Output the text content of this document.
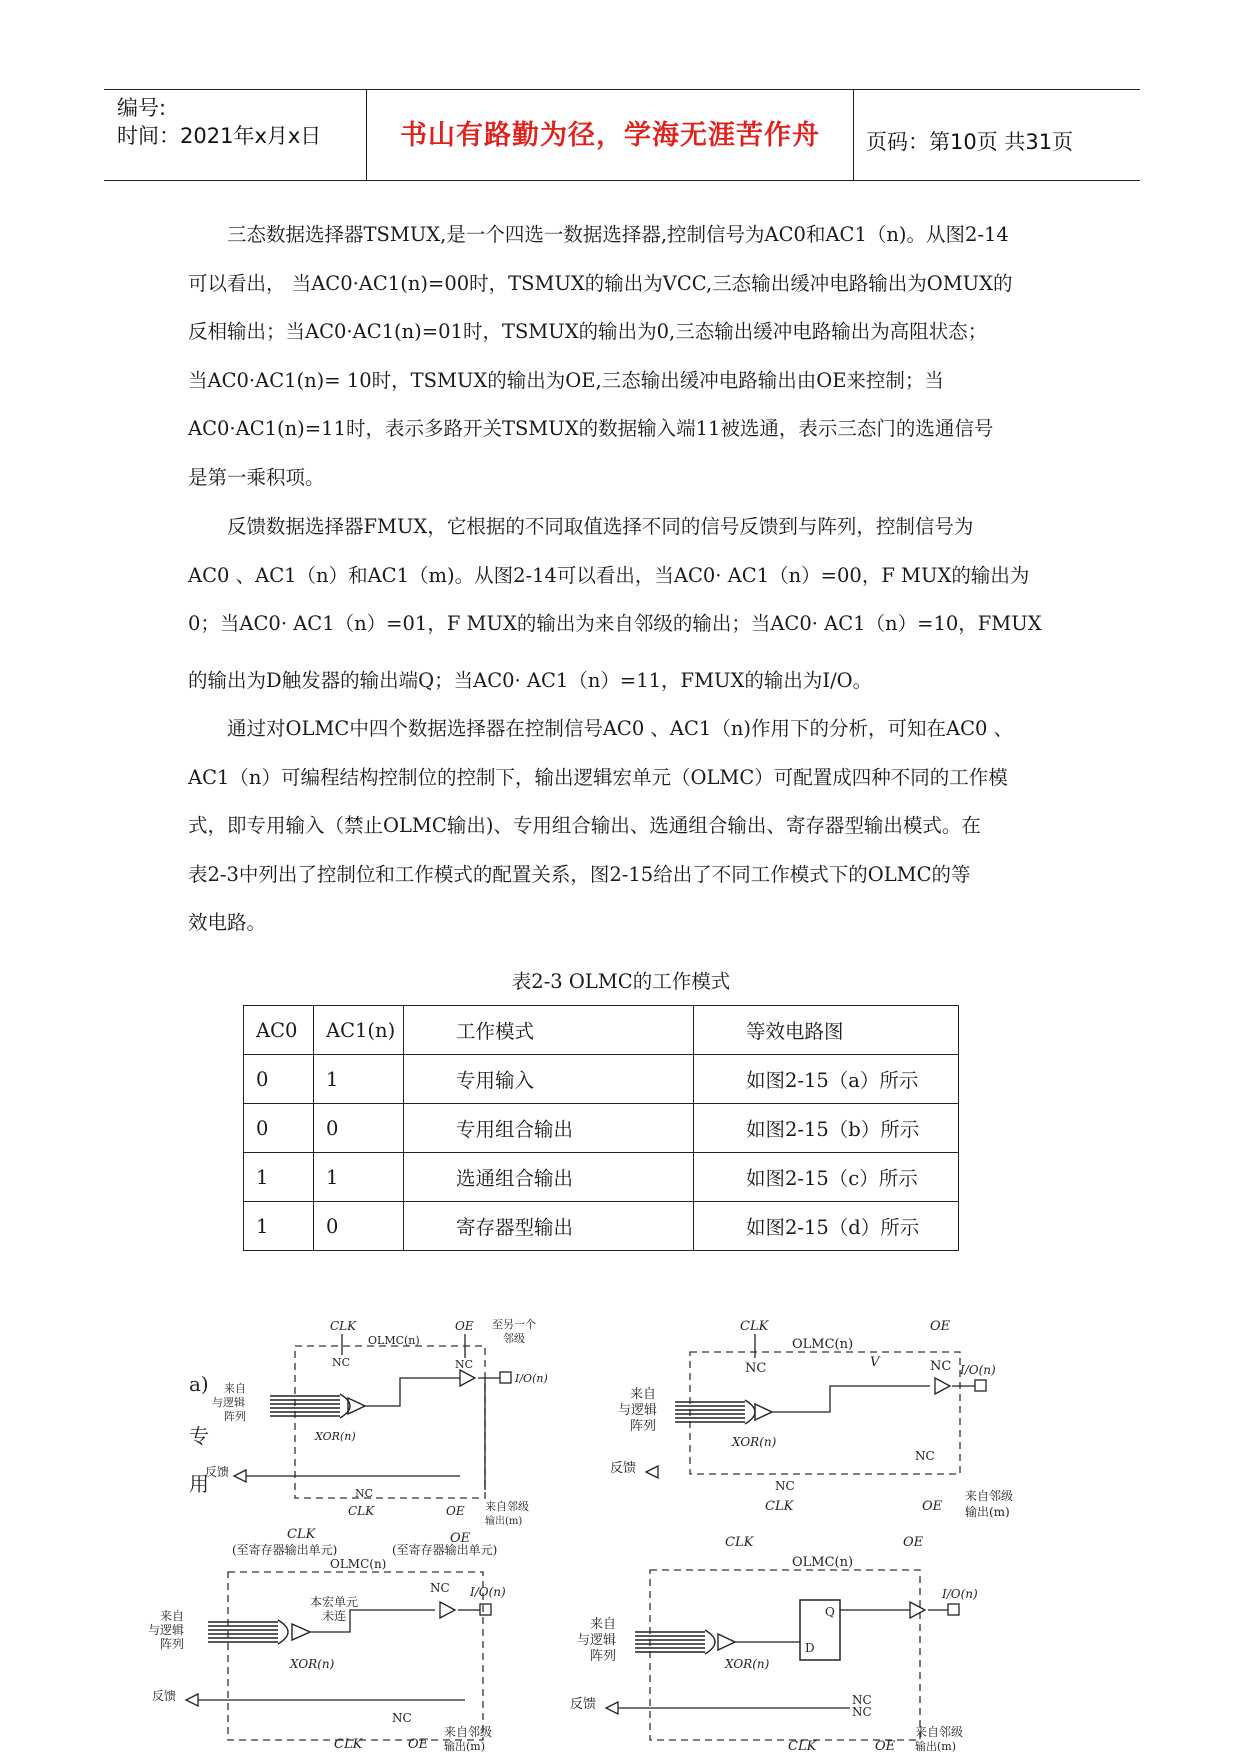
编号:
时间：2021年x月x日	书山有路勤为径，学海无涯苦作舟	页码：第10页 共31页
三态数据选择器TSMUX,是一个四选一数据选择器,控制信号为AC0和AC1（n)。从图2-14
可以看出， 当AC0·AC1(n)=00时，TSMUX的输出为VCC,三态输出缓冲电路输出为OMUX的
反相输出；当AC0·AC1(n)=01时，TSMUX的输出为0,三态输出缓冲电路输出为高阻状态；
当AC0·AC1(n)= 10时，TSMUX的输出为OE,三态输出缓冲电路输出由OE来控制；当
AC0·AC1(n)=11时，表示多路开关TSMUX的数据输入端11被选通，表示三态门的选通信号
是第一乘积项。
反馈数据选择器FMUX，它根据的不同取值选择不同的信号反馈到与阵列，控制信号为
AC0 、AC1（n）和AC1（m)。从图2-14可以看出，当AC0· AC1（n）=00，F MUX的输出为
0；当AC0· AC1（n）=01，F MUX的输出为来自邻级的输出；当AC0· AC1（n）=10，FMUX
的输出为D触发器的输出端Q；当AC0· AC1（n）=11，FMUX的输出为I/O。
通过对OLMC中四个数据选择器在控制信号AC0 、AC1（n)作用下的分析，可知在AC0 、
AC1（n）可编程结构控制位的控制下，输出逻辑宏单元（OLMC）可配置成四种不同的工作模
式，即专用输入（禁止OLMC输出)、专用组合输出、选通组合输出、寄存器型输出模式。在
表2-3中列出了控制位和工作模式的配置关系，图2-15给出了不同工作模式下的OLMC的等
效电路。
表2-3 OLMC的工作模式
AC0	AC1(n)	工作模式	等效电路图
0	1	专用输入	如图2-15（a）所示
0	0	专用组合输出	如图2-15（b）所示
1	1	选通组合输出	如图2-15（c）所示
1	0	寄存器型输出	如图2-15（d）所示
a)
专
用
CLK
OLMC(n)
OE 至另一个
邻级
NC	NC
来自
与逻辑
阵列
XOR(n)
I/O(n)
反馈
NC
CLK	OE 来自邻级
输出(m)
CLK
OLMC(n)
OE
NC	V	NC
来自
与逻辑
阵列
XOR(n)
I/O(n)
反馈
NC
NC
CLK	OE
来自邻级
输出(m)
CLK
(至寄存器输出单元)
OE
(至寄存器输出单元)
OLMC(n)
NC
来自
与逻辑
阵列
本宏单元
未连
XOR(n)
I/O(n)
反馈
NC
CLK	OE
来自邻级
输出(m)
CLK
OLMC(n)
OE
来自
与逻辑
阵列	XOR(n)
Q
D
I/O(n)
反馈	NC
NC
CLK	OE
来自邻级
输出(m)
